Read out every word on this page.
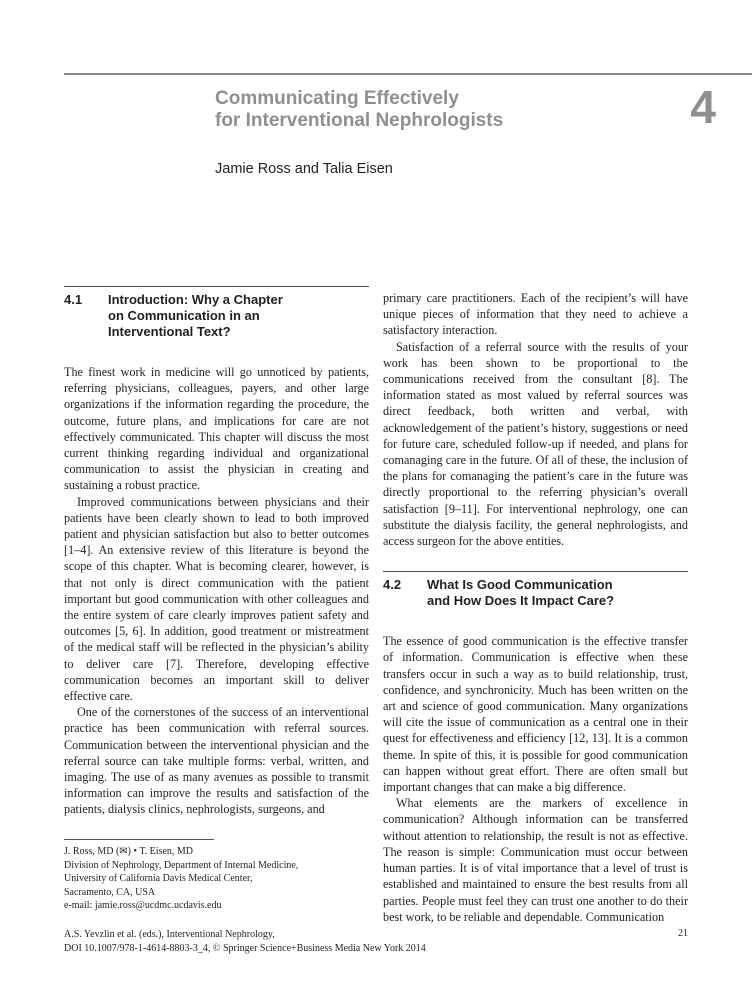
4
Communicating Effectively
for Interventional Nephrologists
Jamie Ross and Talia Eisen
4.1	Introduction: Why a Chapter
on Communication in an
Interventional Text?

The finest work in medicine will go unnoticed by patients, referring physicians, colleagues, payers, and other large organizations if the information regarding the procedure, the outcome, future plans, and implications for care are not effectively communicated. This chapter will discuss the most current thinking regarding individual and organizational communication to assist the physician in creating and sustaining a robust practice.

Improved communications between physicians and their patients have been clearly shown to lead to both improved patient and physician satisfaction but also to better outcomes [1–4]. An extensive review of this literature is beyond the scope of this chapter. What is becoming clearer, however, is that not only is direct communication with the patient important but good communication with other colleagues and the entire system of care clearly improves patient safety and outcomes [5, 6]. In addition, good treatment or mistreatment of the medical staff will be reflected in the physician’s ability to deliver care [7]. Therefore, developing effective communication becomes an important skill to deliver effective care.

One of the cornerstones of the success of an interventional practice has been communication with referral sources. Communication between the interventional physician and the referral source can take multiple forms: verbal, written, and imaging. The use of as many avenues as possible to transmit information can improve the results and satisfaction of the patients, dialysis clinics, nephrologists, surgeons, and

primary care practitioners. Each of the recipient’s will have unique pieces of information that they need to achieve a satisfactory interaction.

Satisfaction of a referral source with the results of your work has been shown to be proportional to the communications received from the consultant [8]. The information stated as most valued by referral sources was direct feedback, both written and verbal, with acknowledgement of the patient’s history, suggestions or need for future care, scheduled follow-up if needed, and plans for comanaging care in the future. Of all of these, the inclusion of the plans for comanaging the patient’s care in the future was directly proportional to the referring physician’s overall satisfaction [9–11]. For interventional nephrology, one can substitute the dialysis facility, the general nephrologists, and access surgeon for the above entities.

4.2	What Is Good Communication
and How Does It Impact Care?

The essence of good communication is the effective transfer of information. Communication is effective when these transfers occur in such a way as to build relationship, trust, confidence, and synchronicity. Much has been written on the art and science of good communication. Many organizations will cite the issue of communication as a central one in their quest for effectiveness and efficiency [12, 13]. It is a common theme. In spite of this, it is possible for good communication can happen without great effort. There are often small but important changes that can make a big difference.

What elements are the markers of excellence in communication? Although information can be transferred without attention to relationship, the result is not as effective. The reason is simple: Communication must occur between human parties. It is of vital importance that a level of trust is established and maintained to ensure the best results from all parties. People must feel they can trust one another to do their best work, to be reliable and dependable. Communication

J. Ross, MD (✉) • T. Eisen, MD
Division of Nephrology, Department of Internal Medicine,
University of California Davis Medical Center,
Sacramento, CA, USA
e-mail: jamie.ross@ucdmc.ucdavis.edu
A.S. Yevzlin et al. (eds.), Interventional Nephrology,
DOI 10.1007/978-1-4614-8803-3_4, © Springer Science+Business Media New York 2014
21
